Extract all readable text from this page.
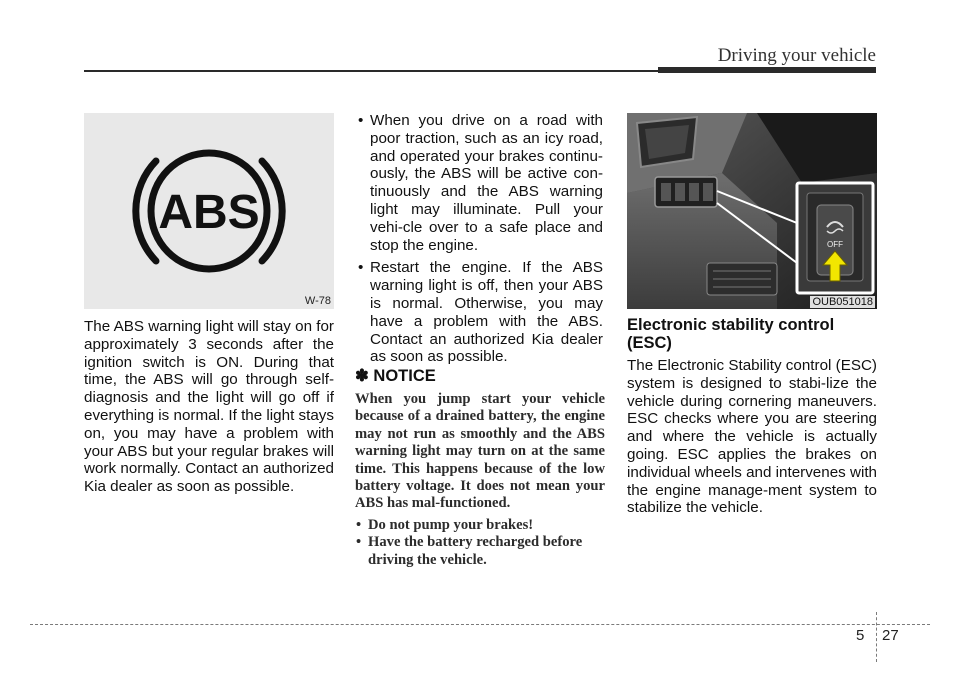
Driving your vehicle
ABS
W-78

The ABS warning light will stay on for approximately 3 seconds after the ignition switch is ON. During that time, the ABS will go through self-diagnosis and the light will go off if everything is normal. If the light stays on, you may have a problem with your ABS but your regular brakes will work normally. Contact an authorized Kia dealer as soon as possible.

• When you drive on a road with poor traction, such as an icy road, and operated your brakes continu-ously, the ABS will be active con-tinuously and the ABS warning light may illuminate. Pull your vehi-cle over to a safe place and stop the engine.
• Restart the engine. If the ABS warning light is off, then your ABS is normal. Otherwise, you may have a problem with the ABS. Contact an authorized Kia dealer as soon as possible.
✽ NOTICE

When you jump start your vehicle because of a drained battery, the engine may not run as smoothly and the ABS warning light may turn on at the same time. This happens because of the low battery voltage. It does not mean your ABS has mal-functioned.

• Do not pump your brakes!
• Have the battery recharged before driving the vehicle.
OFF
OUB051018
Electronic stability control (ESC)

The Electronic Stability control (ESC) system is designed to stabi-lize the vehicle during cornering maneuvers. ESC checks where you are steering and where the vehicle is actually going. ESC applies the brakes on individual wheels and intervenes with the engine manage-ment system to stabilize the vehicle.

5 27
